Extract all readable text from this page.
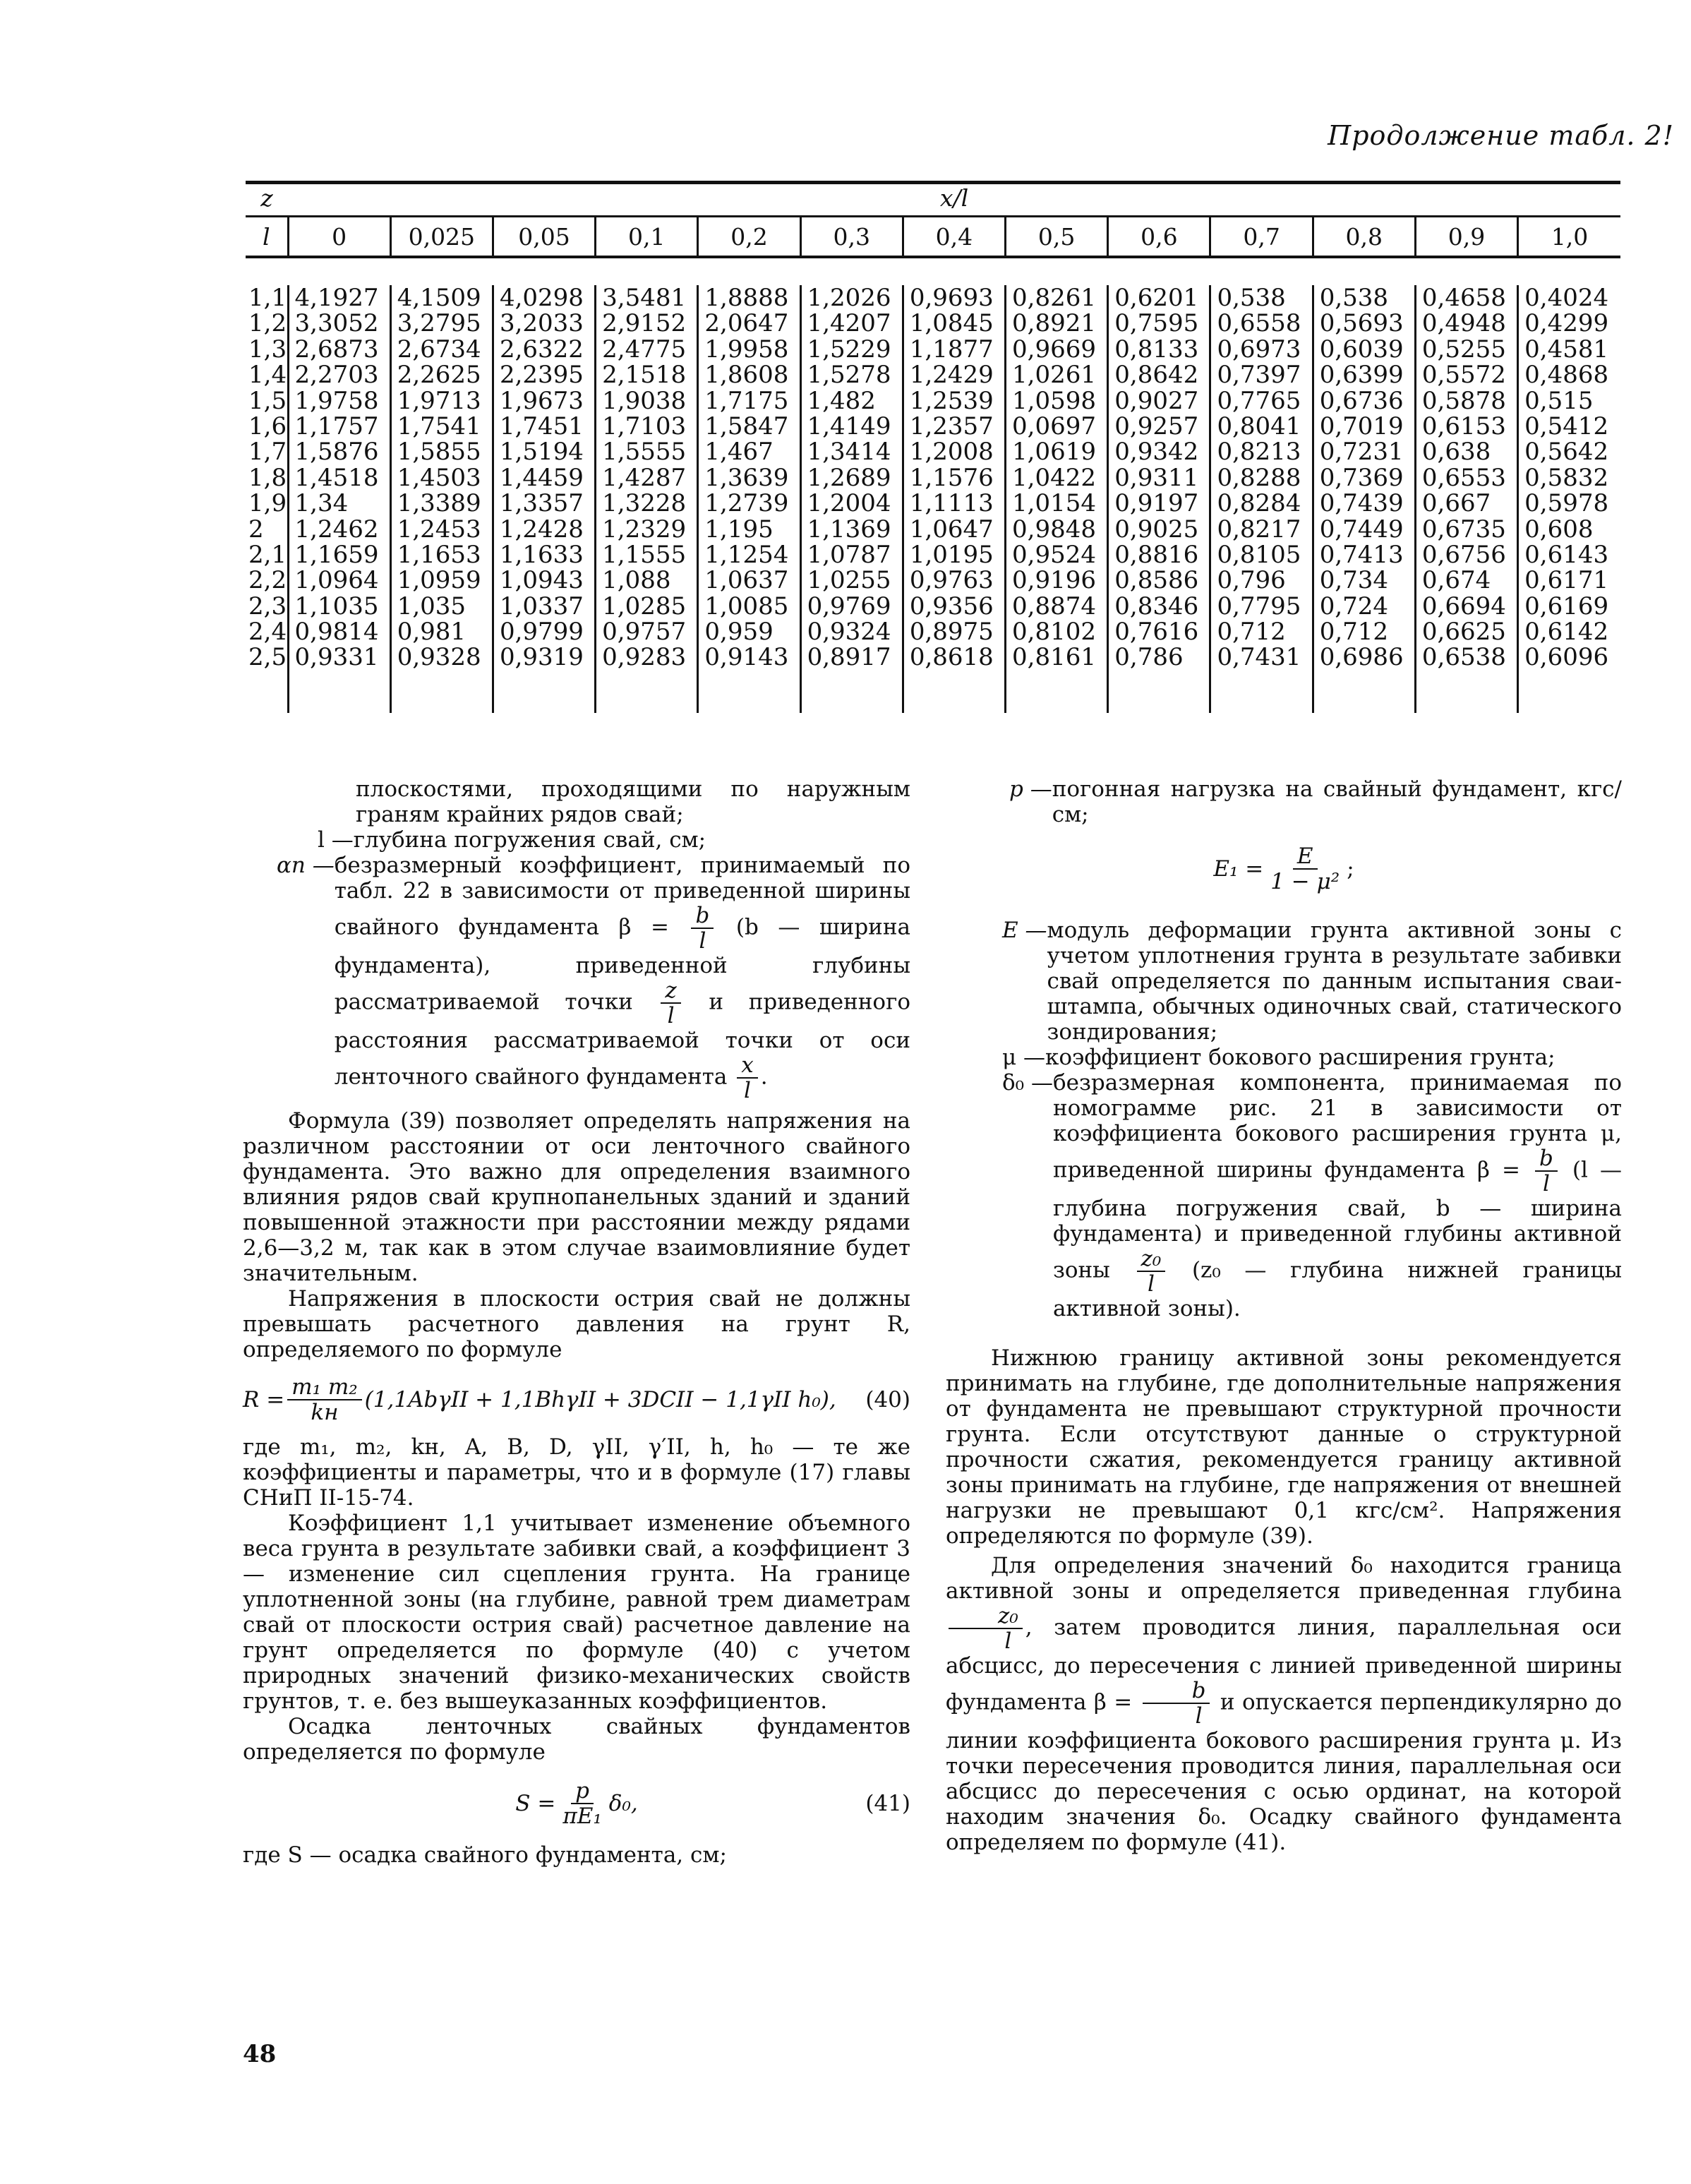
Продолжение табл. 2!
z	x/l												
l	0	0,025	0,05	0,1	0,2	0,3	0,4	0,5	0,6	0,7	0,8	0,9	1,0

1,1	4,1927	4,1509	4,0298	3,5481	1,8888	1,2026	0,9693	0,8261	0,6201	0,538	0,538	0,4658	0,4024
1,2	3,3052	3,2795	3,2033	2,9152	2,0647	1,4207	1,0845	0,8921	0,7595	0,6558	0,5693	0,4948	0,4299
1,3	2,6873	2,6734	2,6322	2,4775	1,9958	1,5229	1,1877	0,9669	0,8133	0,6973	0,6039	0,5255	0,4581
1,4	2,2703	2,2625	2,2395	2,1518	1,8608	1,5278	1,2429	1,0261	0,8642	0,7397	0,6399	0,5572	0,4868
1,5	1,9758	1,9713	1,9673	1,9038	1,7175	1,482	1,2539	1,0598	0,9027	0,7765	0,6736	0,5878	0,515
1,6	1,1757	1,7541	1,7451	1,7103	1,5847	1,4149	1,2357	0,0697	0,9257	0,8041	0,7019	0,6153	0,5412
1,7	1,5876	1,5855	1,5194	1,5555	1,467	1,3414	1,2008	1,0619	0,9342	0,8213	0,7231	0,638	0,5642
1,8	1,4518	1,4503	1,4459	1,4287	1,3639	1,2689	1,1576	1,0422	0,9311	0,8288	0,7369	0,6553	0,5832
1,9	1,34	1,3389	1,3357	1,3228	1,2739	1,2004	1,1113	1,0154	0,9197	0,8284	0,7439	0,667	0,5978
2	1,2462	1,2453	1,2428	1,2329	1,195	1,1369	1,0647	0,9848	0,9025	0,8217	0,7449	0,6735	0,608
2,1	1,1659	1,1653	1,1633	1,1555	1,1254	1,0787	1,0195	0,9524	0,8816	0,8105	0,7413	0,6756	0,6143
2,2	1,0964	1,0959	1,0943	1,088	1,0637	1,0255	0,9763	0,9196	0,8586	0,796	0,734	0,674	0,6171
2,3	1,1035	1,035	1,0337	1,0285	1,0085	0,9769	0,9356	0,8874	0,8346	0,7795	0,724	0,6694	0,6169
2,4	0,9814	0,981	0,9799	0,9757	0,959	0,9324	0,8975	0,8102	0,7616	0,712	0,712	0,6625	0,6142
2,5	0,9331	0,9328	0,9319	0,9283	0,9143	0,8917	0,8618	0,8161	0,786	0,7431	0,6986	0,6538	0,6096

плоскостями, проходящими по наружным граням крайних рядов свай;

l — глубина погружения свай, см;
αn — безразмерный коэффициент, принимаемый по табл. 22 в зависимости от приведенной ширины свайного фундамента $\beta = \frac{b}{l} (b$ — ширина фундамента), приведенной глубины рассматриваемой точки $\frac{z}{l}$ и приведенного расстояния рассматриваемой точки от оси ленточного свайного фундамента $\frac{x}{l}$ .

Формула (39) позволяет определять напряжения на различном расстоянии от оси ленточного свайного фундамента. Это важно для определения взаимного влияния рядов свай крупнопанельных зданий и зданий повышенной этажности при расстоянии между рядами 2,6—3,2 м, так как в этом случае взаимовлияние будет значительным.

Напряжения в плоскости острия свай не должны превышать расчетного давления на грунт R, определяемого по формуле

$R = \frac{\text{m₁ m₂}}{kн} (1,1Ab\gamma II + 1,1Bh\gamma II$ + 3DCII − 1,1γII h₀), (40)

где m₁, m₂, kн, A, B, D, γII, γ′II, h, h₀ — те же коэффициенты и параметры, что и в формуле (17) главы СНиП II-15-74.

Коэффициент 1,1 учитывает изменение объемного веса грунта в результате забивки свай, а коэффициент 3 — изменение сил сцепления грунта. На границе уплотненной зоны (на глубине, равной трем диаметрам свай от плоскости острия свай) расчетное давление на грунт определяется по формуле (40) с учетом природных значений физико-механических свойств грунтов, т. е. без вышеуказанных коэффициентов.

Осадка ленточных свайных фундаментов определяется по формуле

$S = \frac{p}{\text{πE₁}} \delta_0$,	(41)

где S — осадка свайного фундамента, см;

p — погонная нагрузка на свайный фундамент, кгс/см;
$E_1 = \frac{E}{\text{1 − μ²}}$ ;
E — модуль деформации грунта активной зоны с учетом уплотнения грунта в результате забивки свай определяется по данным испытания сваи-штампа, обычных одиночных свай, статического зондирования;
μ — коэффициент бокового расширения грунта;
δ₀ — безразмерная компонента, принимаемая по номограмме рис. 21 в зависимости от коэффициента бокового расширения грунта μ, приведенной ширины фундамента $\beta = \frac{b}{l} (l$ — глубина погружения свай, b — ширина фундамента) и приведенной глубины активной зоны $\frac{\text{z₀}}{l} (z_0$ — глубина нижней границы активной зоны).

Нижнюю границу активной зоны рекомендуется принимать на глубине, где дополнительные напряжения от фундамента не превышают структурной прочности грунта. Если отсутствуют данные о структурной прочности сжатия, рекомендуется границу активной зоны принимать на глубине, где напряжения от внешней нагрузки не превышают 0,1 кгс/см². Напряжения определяются по формуле (39).

Для определения значений δ₀ находится граница активной зоны и определяется приведенная глубина
$\frac{\text{z₀}}{l}$ , затем проводится линия, параллельная оси абсцисс, до пересечения с линией приведенной ширины фундамента $\beta = \frac{b}{l}$ и опускается перпендикулярно до линии коэффициента бокового расширения грунта μ. Из точки пересечения проводится линия, параллельная оси абсцисс до пересечения с осью ординат, на которой находим значения δ₀. Осадку свайного фундамента определяем по формуле (41).

48
